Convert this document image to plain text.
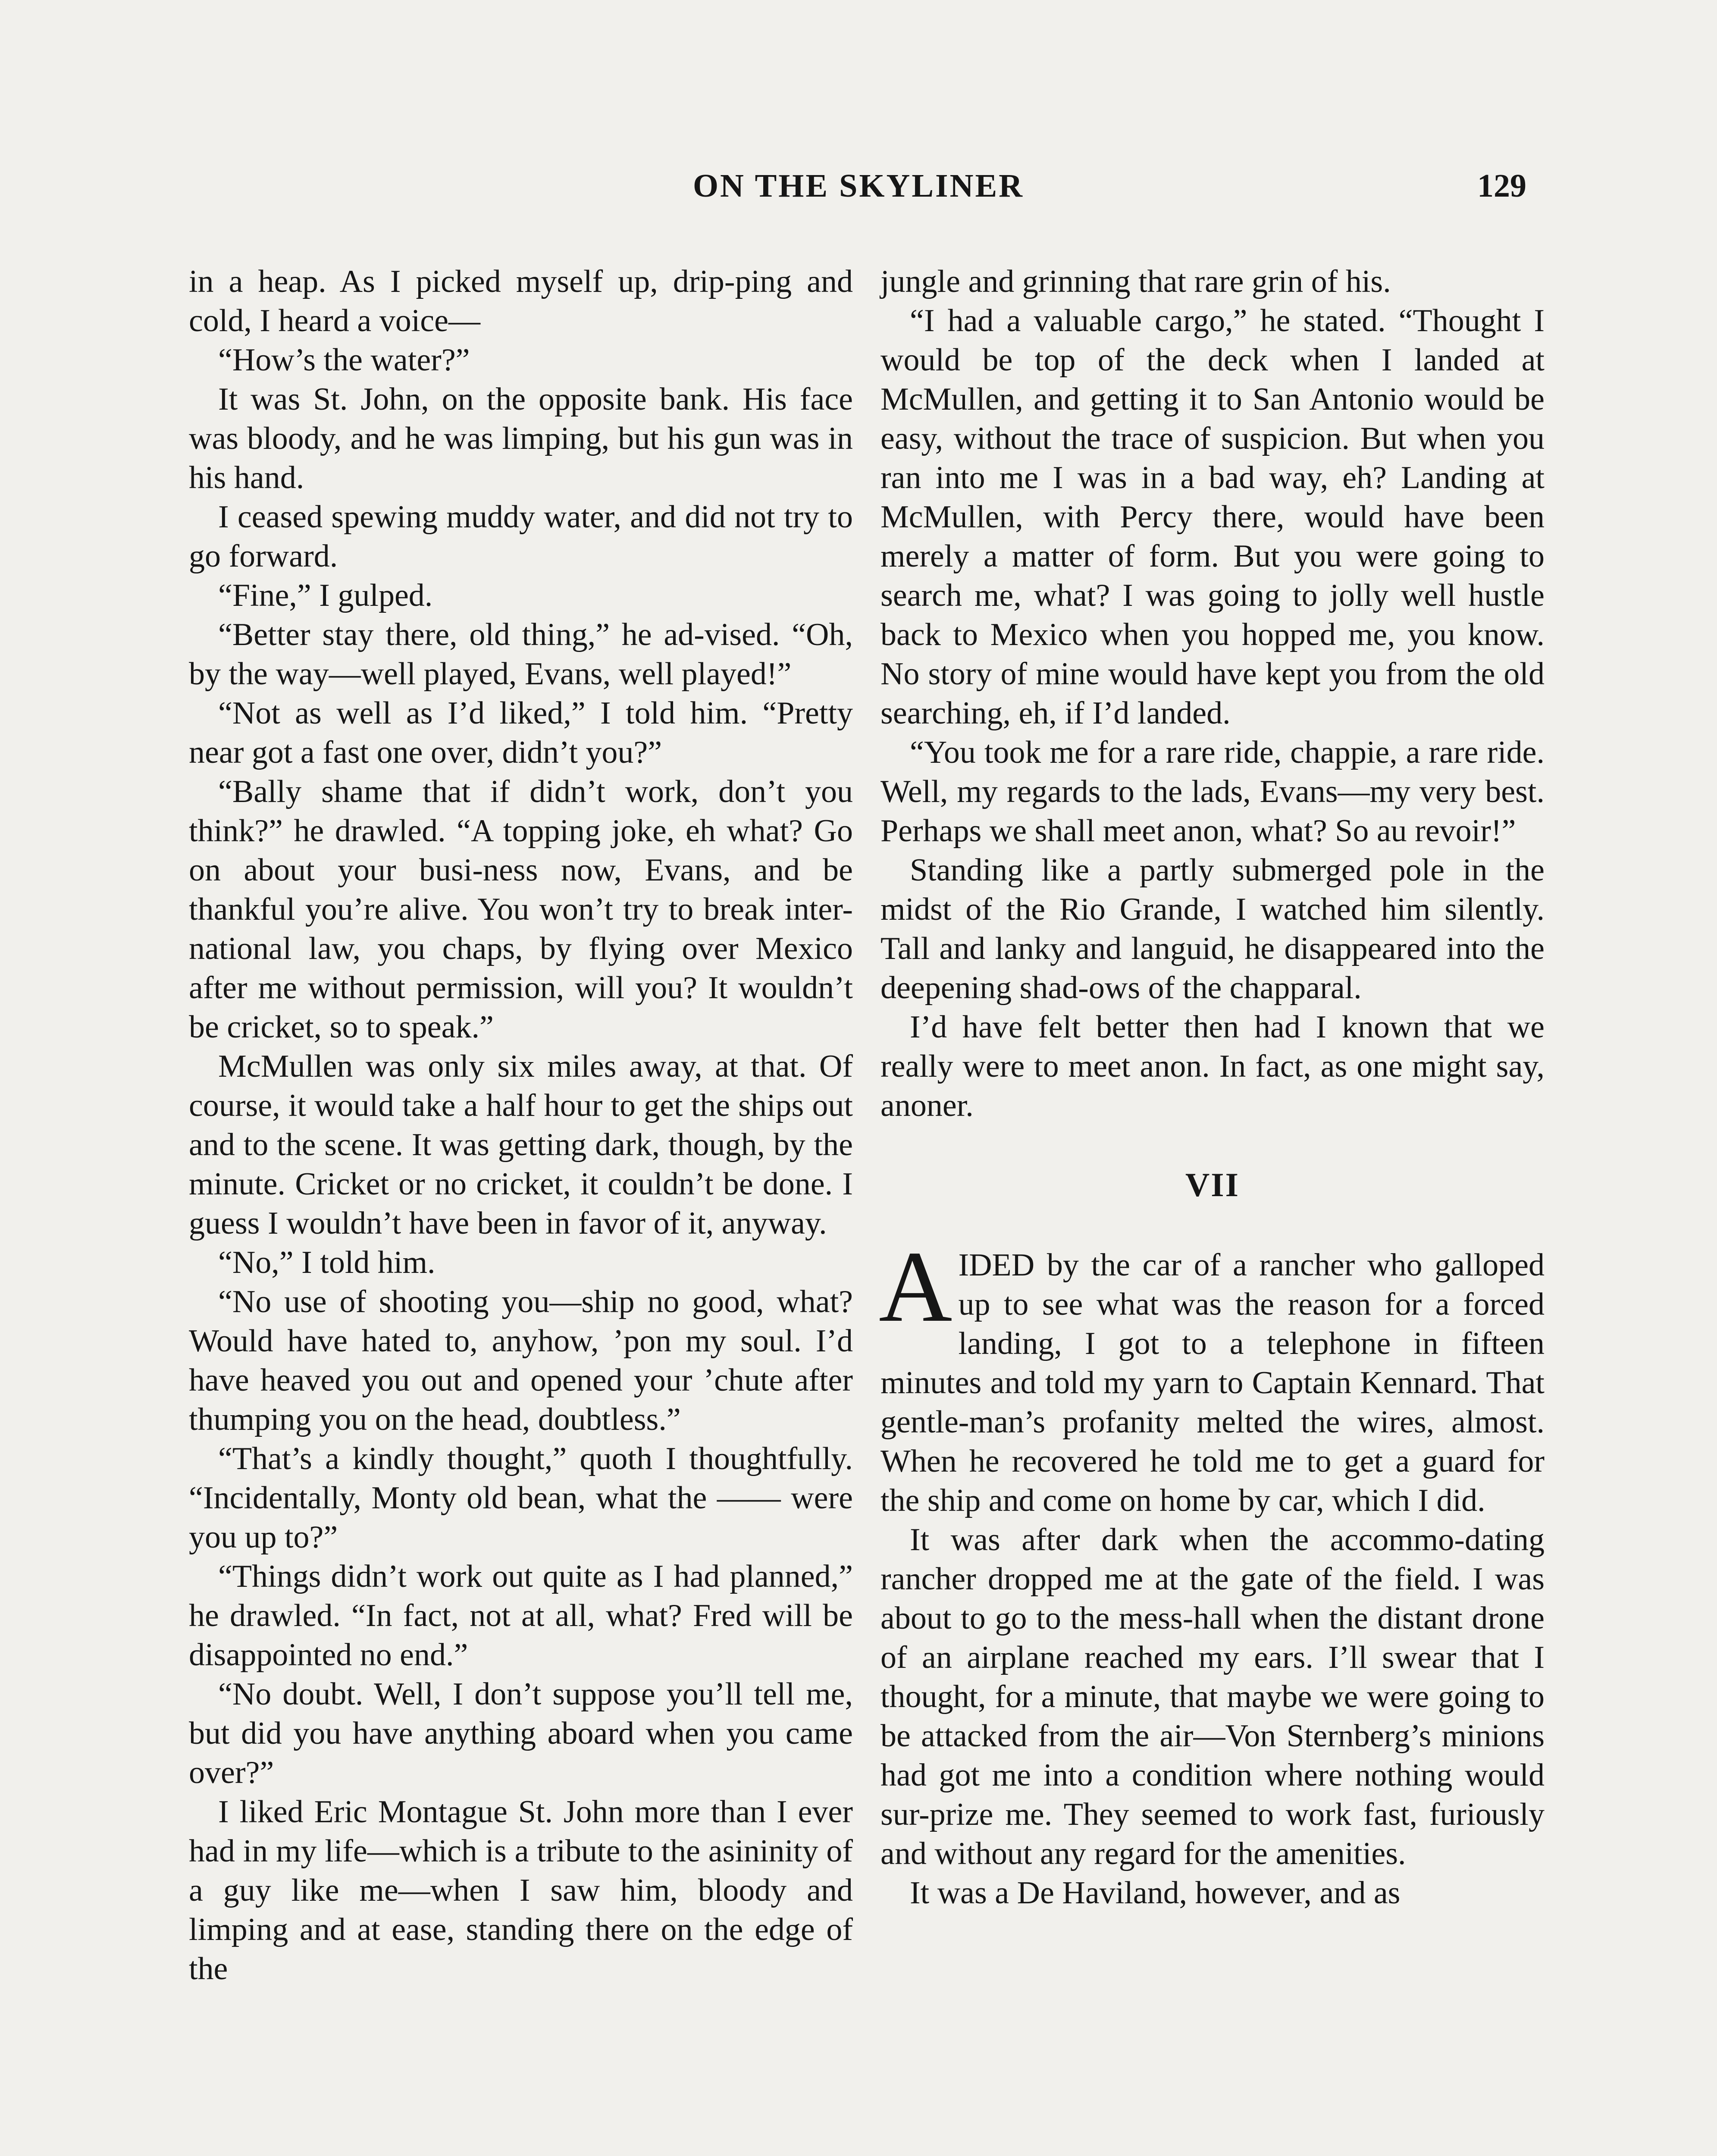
ON THE SKYLINER	129

in a heap. As I picked myself up, drip-ping and cold, I heard a voice—

“How’s the water?”

It was St. John, on the opposite bank. His face was bloody, and he was limping, but his gun was in his hand.

I ceased spewing muddy water, and did not try to go forward.

“Fine,” I gulped.

“Better stay there, old thing,” he ad-vised. “Oh, by the way—well played, Evans, well played!”

“Not as well as I’d liked,” I told him. “Pretty near got a fast one over, didn’t you?”

“Bally shame that if didn’t work, don’t you think?” he drawled. “A topping joke, eh what? Go on about your busi-ness now, Evans, and be thankful you’re alive. You won’t try to break inter-national law, you chaps, by flying over Mexico after me without permission, will you? It wouldn’t be cricket, so to speak.”

McMullen was only six miles away, at that. Of course, it would take a half hour to get the ships out and to the scene. It was getting dark, though, by the minute. Cricket or no cricket, it couldn’t be done. I guess I wouldn’t have been in favor of it, anyway.

“No,” I told him.

“No use of shooting you—ship no good, what? Would have hated to, anyhow, ’pon my soul. I’d have heaved you out and opened your ’chute after thumping you on the head, doubtless.”

“That’s a kindly thought,” quoth I thoughtfully. “Incidentally, Monty old bean, what the —— were you up to?”

“Things didn’t work out quite as I had planned,” he drawled. “In fact, not at all, what? Fred will be disappointed no end.”

“No doubt. Well, I don’t suppose you’ll tell me, but did you have anything aboard when you came over?”

I liked Eric Montague St. John more than I ever had in my life—which is a tribute to the asininity of a guy like me—when I saw him, bloody and limping and at ease, standing there on the edge of the

jungle and grinning that rare grin of his.

“I had a valuable cargo,” he stated. “Thought I would be top of the deck when I landed at McMullen, and getting it to San Antonio would be easy, without the trace of suspicion. But when you ran into me I was in a bad way, eh? Landing at McMullen, with Percy there, would have been merely a matter of form. But you were going to search me, what? I was going to jolly well hustle back to Mexico when you hopped me, you know. No story of mine would have kept you from the old searching, eh, if I’d landed.

“You took me for a rare ride, chappie, a rare ride. Well, my regards to the lads, Evans—my very best. Perhaps we shall meet anon, what? So au revoir!”

Standing like a partly submerged pole in the midst of the Rio Grande, I watched him silently. Tall and lanky and languid, he disappeared into the deepening shad-ows of the chapparal.

I’d have felt better then had I known that we really were to meet anon. In fact, as one might say, anoner.

VII

AIDED by the car of a rancher who galloped up to see what was the reason for a forced landing, I got to a telephone in fifteen minutes and told my yarn to Captain Kennard. That gentle-man’s profanity melted the wires, almost. When he recovered he told me to get a guard for the ship and come on home by car, which I did.

It was after dark when the accommo-dating rancher dropped me at the gate of the field. I was about to go to the mess-hall when the distant drone of an airplane reached my ears. I’ll swear that I thought, for a minute, that maybe we were going to be attacked from the air—Von Sternberg’s minions had got me into a condition where nothing would sur-prize me. They seemed to work fast, furiously and without any regard for the amenities.

It was a De Haviland, however, and as
